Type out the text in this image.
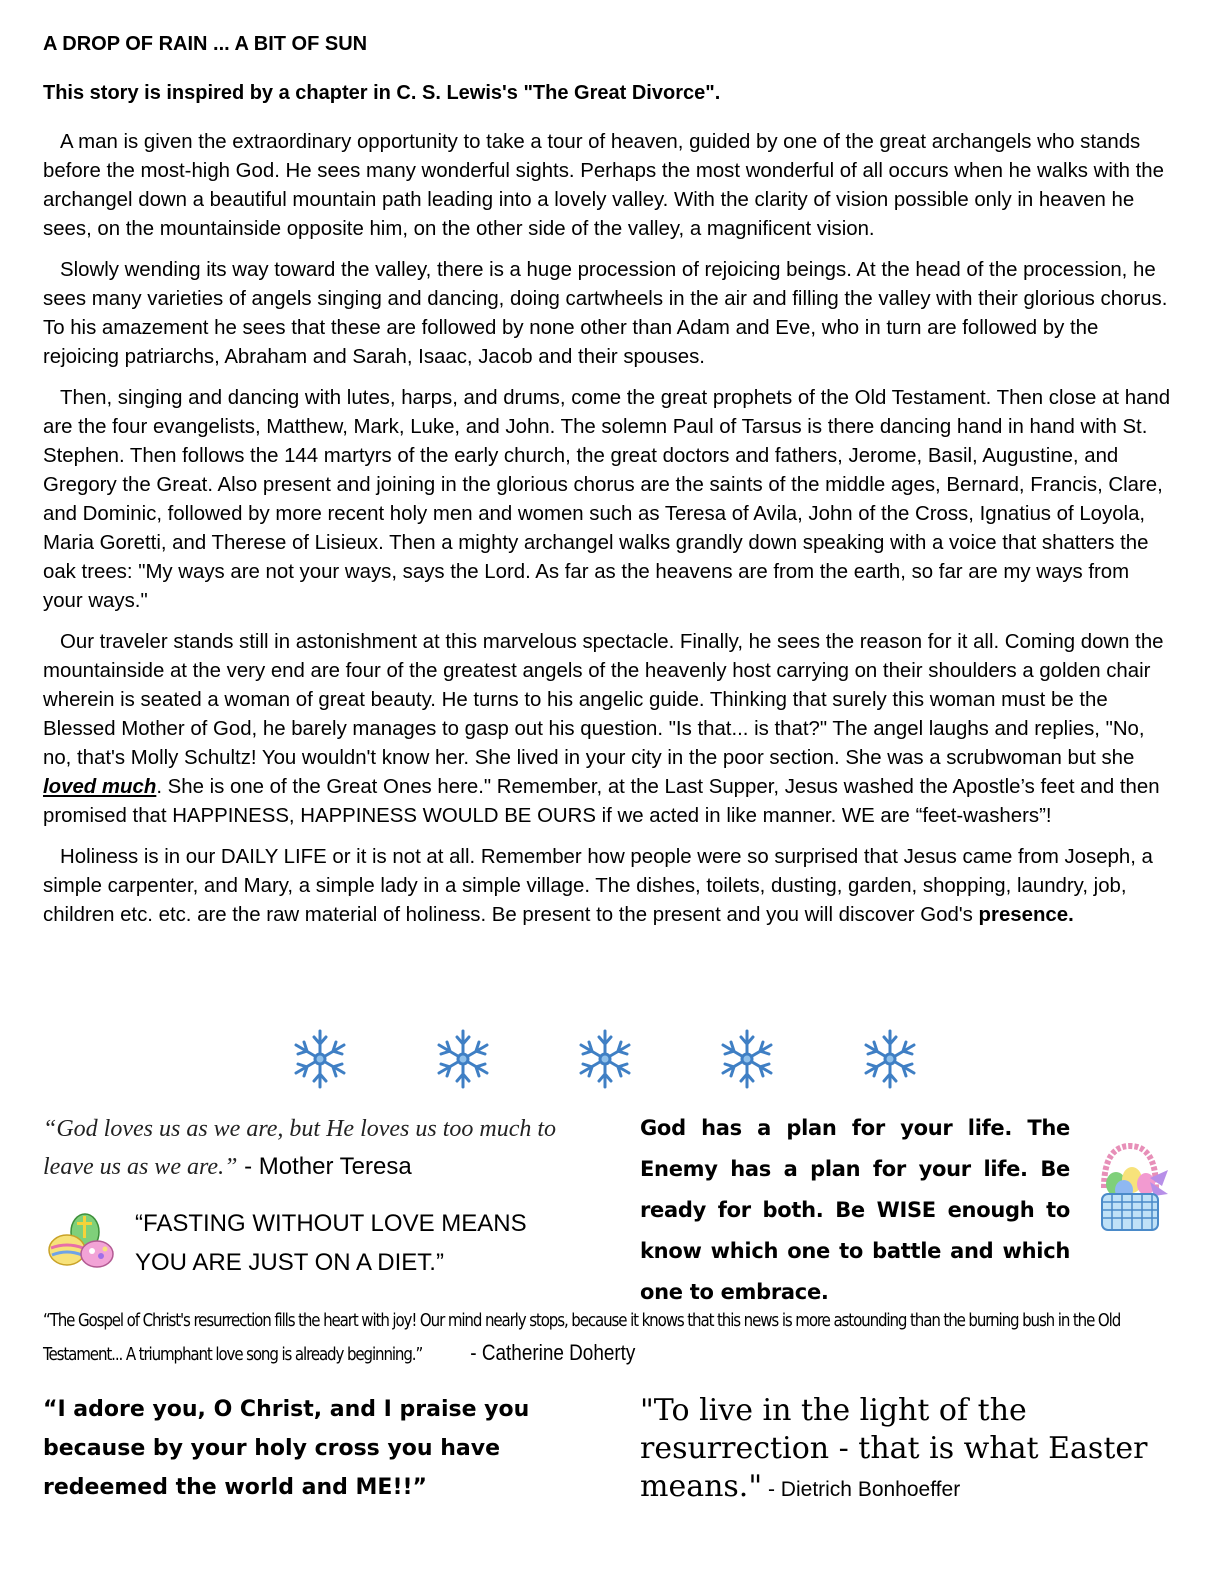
A DROP OF RAIN ... A BIT OF SUN
This story is inspired by a chapter in C. S. Lewis's "The Great Divorce".

A man is given the extraordinary opportunity to take a tour of heaven, guided by one of the great archangels who stands before the most-high God. He sees many wonderful sights. Perhaps the most wonderful of all occurs when he walks with the archangel down a beautiful mountain path leading into a lovely valley. With the clarity of vision possible only in heaven he sees, on the mountainside opposite him, on the other side of the valley, a magnificent vision.

Slowly wending its way toward the valley, there is a huge procession of rejoicing beings. At the head of the procession, he sees many varieties of angels singing and dancing, doing cartwheels in the air and filling the valley with their glorious chorus. To his amazement he sees that these are followed by none other than Adam and Eve, who in turn are followed by the rejoicing patriarchs, Abraham and Sarah, Isaac, Jacob and their spouses.

Then, singing and dancing with lutes, harps, and drums, come the great prophets of the Old Testament. Then close at hand are the four evangelists, Matthew, Mark, Luke, and John. The solemn Paul of Tarsus is there dancing hand in hand with St. Stephen. Then follows the 144 martyrs of the early church, the great doctors and fathers, Jerome, Basil, Augustine, and Gregory the Great. Also present and joining in the glorious chorus are the saints of the middle ages, Bernard, Francis, Clare, and Dominic, followed by more recent holy men and women such as Teresa of Avila, John of the Cross, Ignatius of Loyola, Maria Goretti, and Therese of Lisieux. Then a mighty archangel walks grandly down speaking with a voice that shatters the oak trees: "My ways are not your ways, says the Lord. As far as the heavens are from the earth, so far are my ways from your ways."

Our traveler stands still in astonishment at this marvelous spectacle. Finally, he sees the reason for it all. Coming down the mountainside at the very end are four of the greatest angels of the heavenly host carrying on their shoulders a golden chair wherein is seated a woman of great beauty. He turns to his angelic guide. Thinking that surely this woman must be the Blessed Mother of God, he barely manages to gasp out his question. "Is that... is that?" The angel laughs and replies, "No, no, that's Molly Schultz! You wouldn't know her. She lived in your city in the poor section. She was a scrubwoman but she loved much. She is one of the Great Ones here." Remember, at the Last Supper, Jesus washed the Apostle’s feet and then promised that HAPPINESS, HAPPINESS WOULD BE OURS if we acted in like manner. WE are “feet-washers”!

Holiness is in our DAILY LIFE or it is not at all. Remember how people were so surprised that Jesus came from Joseph, a simple carpenter, and Mary, a simple lady in a simple village. The dishes, toilets, dusting, garden, shopping, laundry, job, children etc. etc. are the raw material of holiness. Be present to the present and you will discover God's presence.

“God loves us as we are, but He loves us too much to leave us as we are.” - Mother Teresa
“FASTING WITHOUT LOVE MEANS YOU ARE JUST ON A DIET.”
God has a plan for your life. The Enemy has a plan for your life. Be ready for both. Be WISE enough to know which one to battle and which one to embrace.
“The Gospel of Christ's resurrection fills the heart with joy! Our mind nearly stops, because it knows that this news is more astounding than the burning bush in the Old Testament... A triumphant love song is already beginning.” - Catherine Doherty
“I adore you, O Christ, and I praise you because by your holy cross you have redeemed the world and ME!!”
"To live in the light of the resurrection - that is what Easter means." - Dietrich Bonhoeffer
